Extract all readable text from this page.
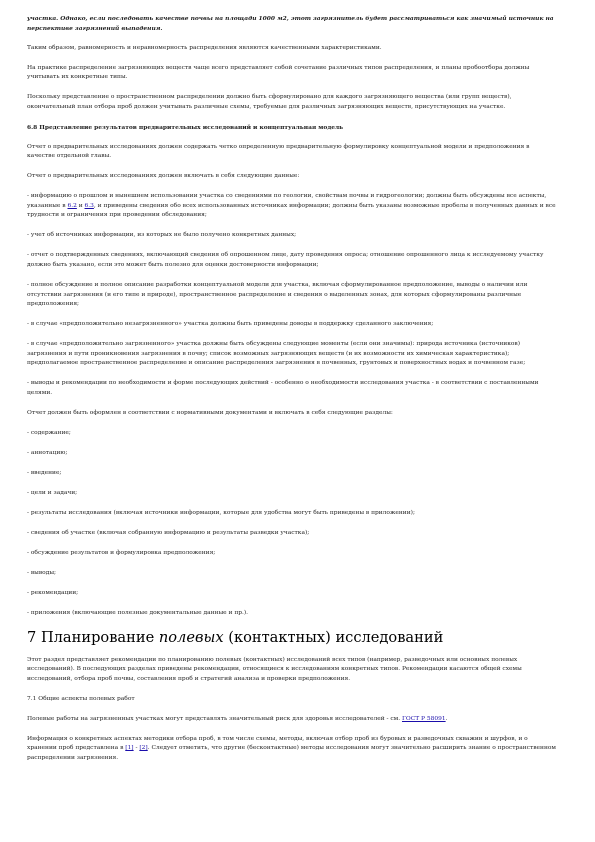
участка. Однако, если последовать качестве почвы на площади 1000 м2, этот загрязнитель будет рассматриваться как значимый источник на перспективе загрязнений выпадения.

Таким образом, равномерность и неравномерность распределения являются качественными характеристиками.

На практике распределение загрязняющих веществ чаще всего представляет собой сочетание различных типов распределения, и планы пробоотбора должны учитывать их конкретные типы.

Поскольку представление о пространственном распределении должно быть сформулировано для каждого загрязняющего вещества (или групп веществ), окончательный план отбора проб должен учитывать различные схемы, требуемые для различных загрязняющих веществ, присутствующих на участке.

6.8 Представление результатов предварительных исследований и концептуальная модель

Отчет о предварительных исследованиях должен содержать четко определенную предварительную формулировку концептуальной модели и предположения в качестве отдельной главы.

Отчет о предварительных исследованиях должен включать в себя следующие данные:

- информацию о прошлом и нынешнем использовании участка со сведениями по геологии, свойствам почвы и гидрогеологии; должны быть обсуждены все аспекты, указанные в 6.2 и 6.3, и приведены сведения обо всех использованных источниках информации; должны быть указаны возможные пробелы в полученных данных и все трудности и ограничения при проведении обследования;

- учет об источниках информации, из которых не было получено конкретных данных;

- отчет о подтвержденных сведениях, включающий сведения об опрошенном лице, дату проведения опроса; отношение опрошенного лица к исследуемому участку должно быть указано, если это может быть полезно для оценки достоверности информации;

- полное обсуждение и полное описание разработки концептуальной модели для участка, включая сформулированное предположение, выводы о наличии или отсутствии загрязнения (и его типе и природе), пространственное распределение и сведения о выделенных зонах, для которых сформулированы различные предположения;

- в случае «предположительно незагрязненного» участка должны быть приведены доводы в поддержку сделанного заключения;

- в случае «предположительно загрязненного» участка должны быть обсуждены следующие моменты (если они значимы): природа источника (источников) загрязнения и пути проникновения загрязнения в почву; список возможных загрязняющих веществ (и их возможности их химическая характеристика); предполагаемое пространственное распределение и описание распределения загрязнения в почвенных, грунтовых и поверхностных водах и почвенном газе;

- выводы и рекомендации по необходимости и форме последующих действий - особенно о необходимости исследования участка - в соответствии с поставленными целями.

Отчет должен быть оформлен в соответствии с нормативными документами и включать в себя следующие разделы:

- содержание;

- аннотацию;

- введение;

- цели и задачи;

- результаты исследования (включая источники информации, которые для удобства могут быть приведены в приложении);

- сведения об участке (включая собранную информацию и результаты разведки участка);

- обсуждение результатов и формулировка предположения;

- выводы;

- рекомендации;

- приложения (включающие полезные документальные данные и пр.).

7 Планирование полевых (контактных) исследований

Этот раздел представляет рекомендации по планированию полевых (контактных) исследований всех типов (например, разведочных или основных полевых исследований). В последующих разделах приведены рекомендации, относящиеся к исследованиям конкретных типов. Рекомендации касаются общей схемы исследований, отбора проб почвы, составления проб и стратегий анализа и проверки предположения.

7.1 Общие аспекты полевых работ

Полевые работы на загрязненных участках могут представлять значительный риск для здоровья исследователей - см. ГОСТ Р 58091.

Информация о конкретных аспектах методики отбора проб, в том числе схемы, методы, включая отбор проб из буровых и разведочных скважин и шурфов, и о хранении проб представлена в [1] - [2]. Следует отметить, что другие (бесконтактные) методы исследования могут значительно расширить знание о пространственном распределении загрязнения.
